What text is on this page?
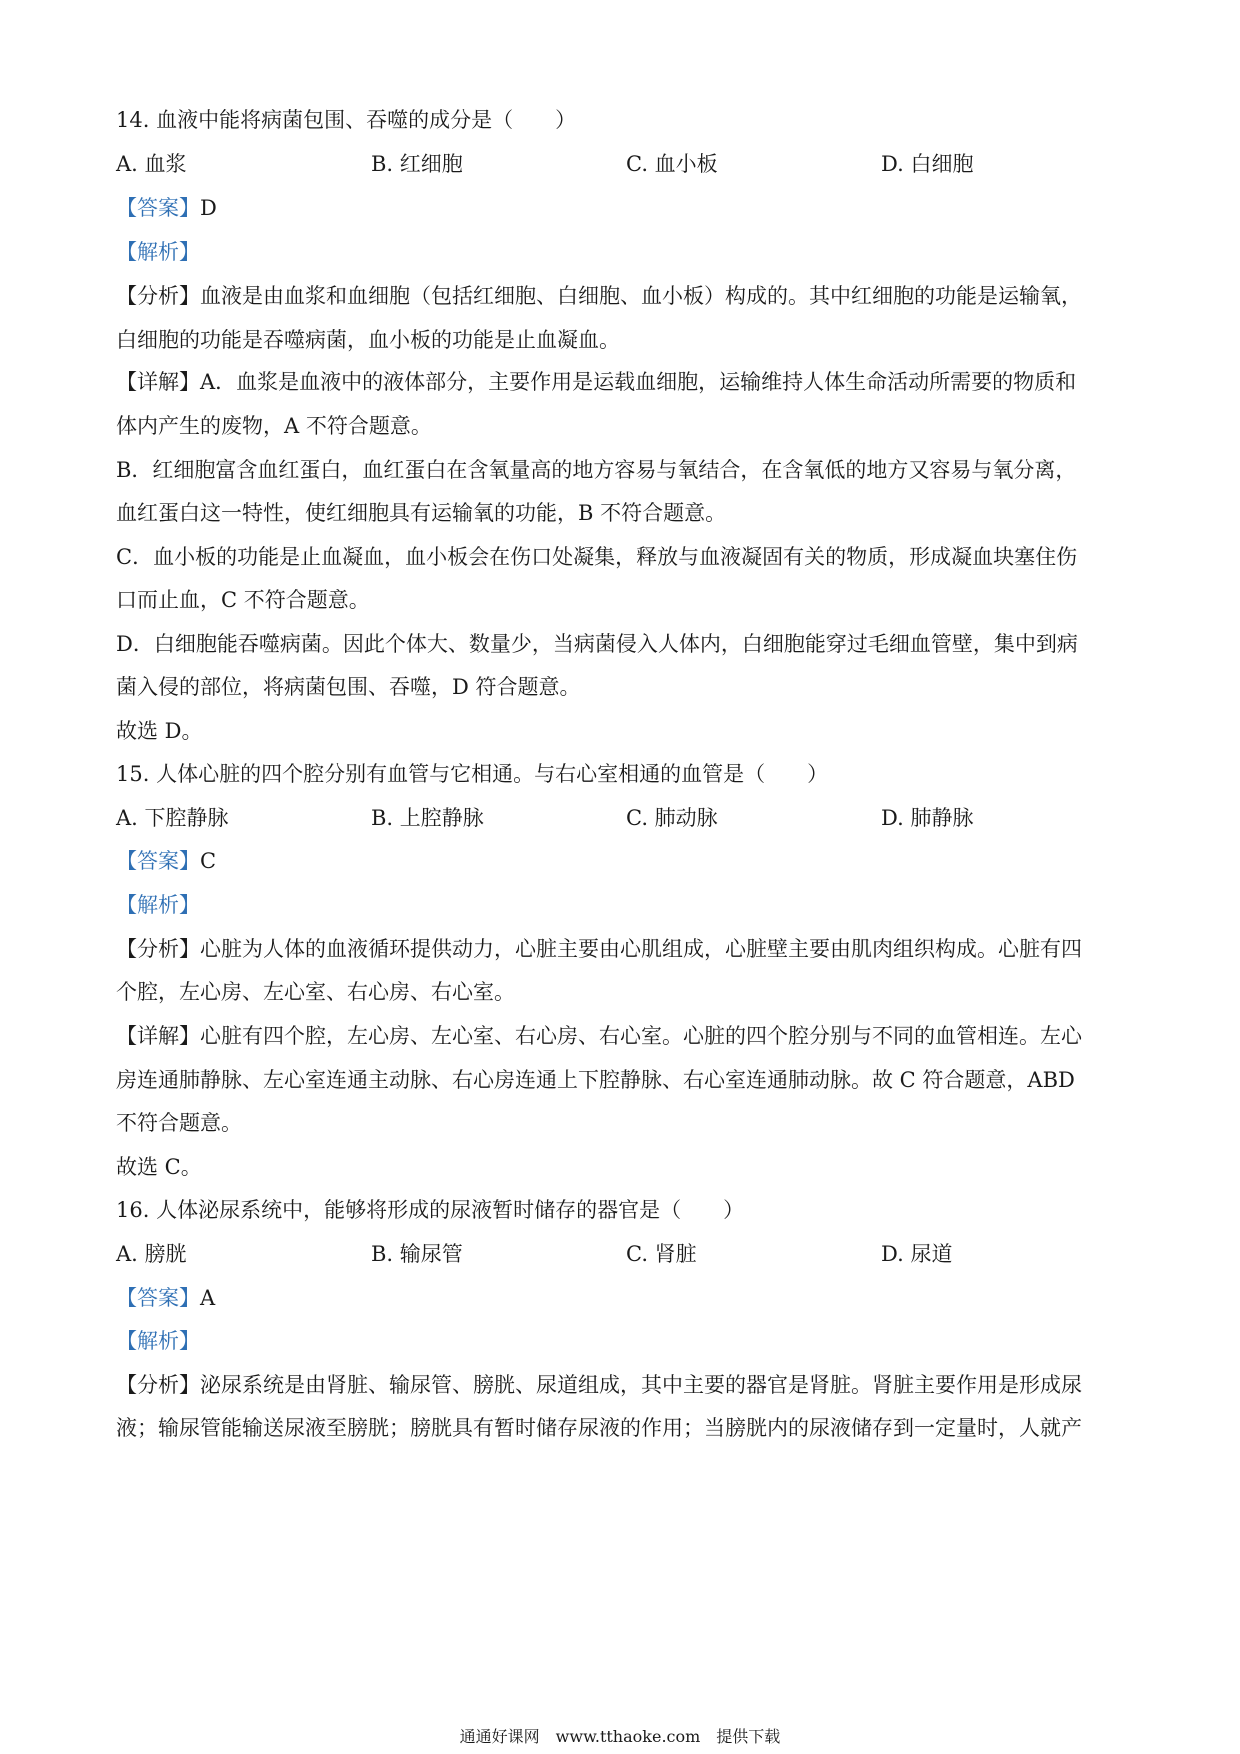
14. 血液中能将病菌包围、吞噬的成分是（　　）
A. 血浆	B. 红细胞	C. 血小板	D. 白细胞
【答案】D
【解析】
【分析】血液是由血浆和血细胞（包括红细胞、白细胞、血小板）构成的。其中红细胞的功能是运输氧，
白细胞的功能是吞噬病菌，血小板的功能是止血凝血。
【详解】A．血浆是血液中的液体部分，主要作用是运载血细胞，运输维持人体生命活动所需要的物质和
体内产生的废物，A 不符合题意。
B．红细胞富含血红蛋白，血红蛋白在含氧量高的地方容易与氧结合，在含氧低的地方又容易与氧分离，
血红蛋白这一特性，使红细胞具有运输氧的功能，B 不符合题意。
C．血小板的功能是止血凝血，血小板会在伤口处凝集，释放与血液凝固有关的物质，形成凝血块塞住伤
口而止血，C 不符合题意。
D．白细胞能吞噬病菌。因此个体大、数量少，当病菌侵入人体内，白细胞能穿过毛细血管壁，集中到病
菌入侵的部位，将病菌包围、吞噬，D 符合题意。
故选 D。
15. 人体心脏的四个腔分别有血管与它相通。与右心室相通的血管是（　　）
A. 下腔静脉	B. 上腔静脉	C. 肺动脉	D. 肺静脉
【答案】C
【解析】
【分析】心脏为人体的血液循环提供动力，心脏主要由心肌组成，心脏壁主要由肌肉组织构成。心脏有四
个腔，左心房、左心室、右心房、右心室。
【详解】心脏有四个腔，左心房、左心室、右心房、右心室。心脏的四个腔分别与不同的血管相连。左心
房连通肺静脉、左心室连通主动脉、右心房连通上下腔静脉、右心室连通肺动脉。故 C 符合题意，ABD
不符合题意。
故选 C。
16. 人体泌尿系统中，能够将形成的尿液暂时储存的器官是（　　）
A. 膀胱	B. 输尿管	C. 肾脏	D. 尿道
【答案】A
【解析】
【分析】泌尿系统是由肾脏、输尿管、膀胱、尿道组成，其中主要的器官是肾脏。肾脏主要作用是形成尿
液；输尿管能输送尿液至膀胱；膀胱具有暂时储存尿液的作用；当膀胱内的尿液储存到一定量时，人就产
通通好课网　www.tthaoke.com　提供下载
